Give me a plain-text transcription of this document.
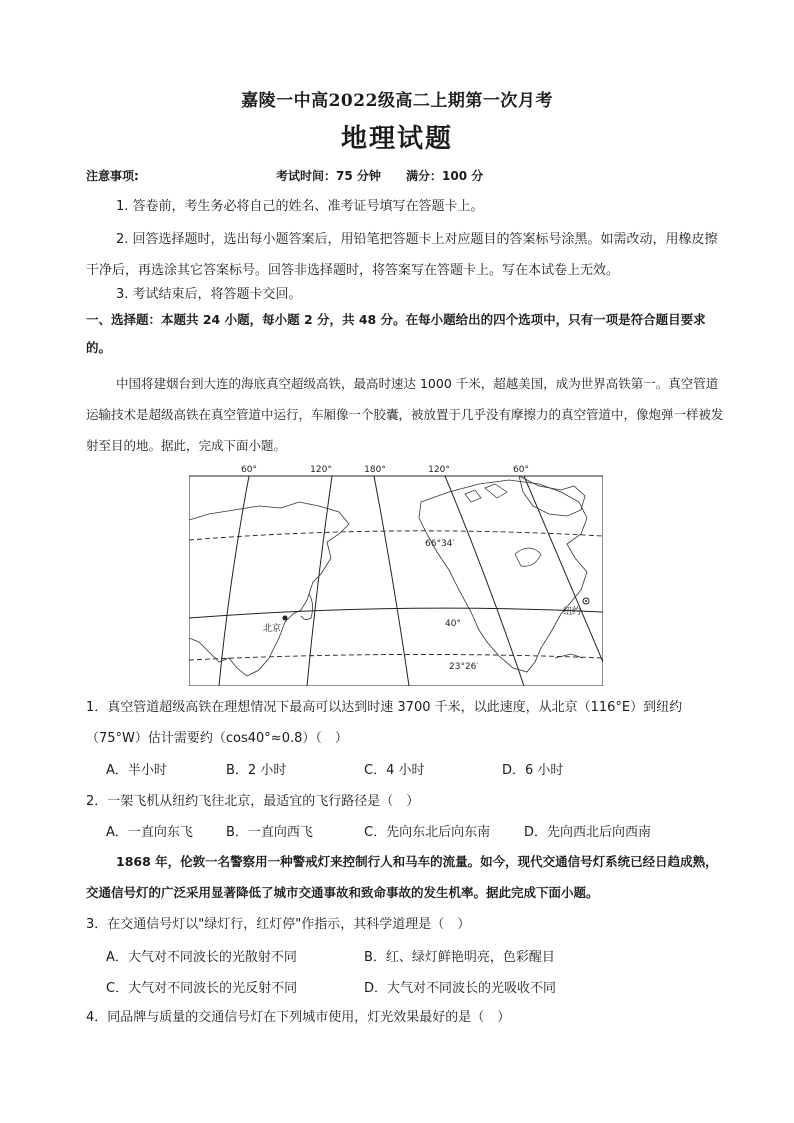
嘉陵一中高2022级高二上期第一次月考
地理试题
注意事项:	考试时间：75 分钟 满分：100 分
1. 答卷前，考生务必将自己的姓名、准考证号填写在答题卡上。
2. 回答选择题时，选出每小题答案后，用铅笔把答题卡上对应题目的答案标号涂黑。如需改动，用橡皮擦干净后，再选涂其它答案标号。回答非选择题时，将答案写在答题卡上。写在本试卷上无效。
3. 考试结束后，将答题卡交回。
一、选择题：本题共 24 小题，每小题 2 分，共 48 分。在每小题给出的四个选项中，只有一项是符合题目要求的。
中国将建烟台到大连的海底真空超级高铁，最高时速达 1000 千米，超越美国，成为世界高铁第一。真空管道运输技术是超级高铁在真空管道中运行，车厢像一个胶囊，被放置于几乎没有摩擦力的真空管道中，像炮弹一样被发射至目的地。据此，完成下面小题。
60°	120°	180°	120°	60°
66°34′
40°
23°26′
北京
纽约
1．真空管道超级高铁在理想情况下最高可以达到时速 3700 千米，以此速度，从北京（116°E）到纽约
（75°W）估计需要约（cos40°≈0.8）（　）
A．半小时	B．2 小时	C．4 小时	D．6 小时
2．一架飞机从纽约飞往北京，最适宜的飞行路径是（　）
A．一直向东飞	B．一直向西飞	C．先向东北后向东南	D．先向西北后向西南
1868 年，伦敦一名警察用一种警戒灯来控制行人和马车的流量。如今，现代交通信号灯系统已经日趋成熟，交通信号灯的广泛采用显著降低了城市交通事故和致命事故的发生机率。据此完成下面小题。
3．在交通信号灯以"绿灯行，红灯停"作指示，其科学道理是（　）
A．大气对不同波长的光散射不同	B．红、绿灯鲜艳明亮，色彩醒目
C．大气对不同波长的光反射不同	D．大气对不同波长的光吸收不同
4．同品牌与质量的交通信号灯在下列城市使用，灯光效果最好的是（　）
